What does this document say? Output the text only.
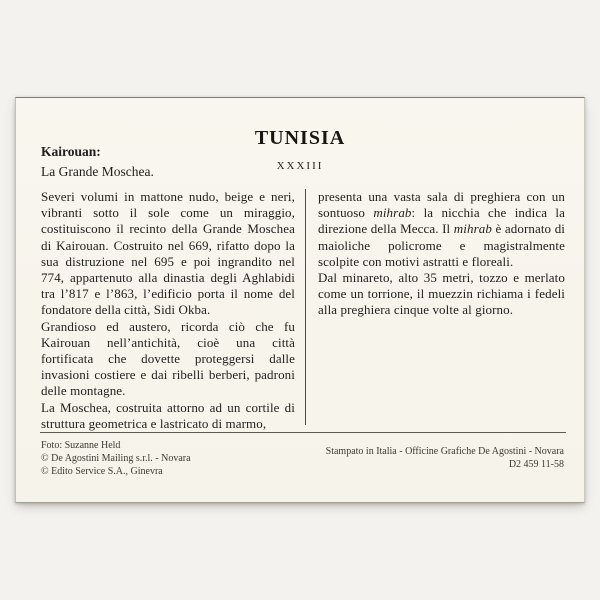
TUNISIA
XXXIII
Kairouan:
La Grande Moschea.

Severi volumi in mattone nudo, beige e neri, vibranti sotto il sole come un miraggio, costituiscono il recinto della Grande Moschea di Kairouan. Costruito nel 669, rifatto dopo la sua distruzione nel 695 e poi ingrandito nel 774, appartenuto alla dinastia degli Aghlabidi tra l’817 e l’863, l’edificio porta il nome del fondatore della città, Sidi Okba.

Grandioso ed austero, ricorda ciò che fu Kairouan nell’antichità, cioè una città fortificata che dovette proteggersi dalle invasioni costiere e dai ribelli berberi, padroni delle montagne.

La Moschea, costruita attorno ad un cortile di struttura geometrica e lastricato di marmo,

presenta una vasta sala di preghiera con un sontuoso mihrab: la nicchia che indica la direzione della Mecca. Il mihrab è adornato di maioliche policrome e magistralmente scolpite con motivi astratti e floreali.

Dal minareto, alto 35 metri, tozzo e merlato come un torrione, il muezzin richiama i fedeli alla preghiera cinque volte al giorno.

Foto: Suzanne Held
© De Agostini Mailing s.r.l. - Novara
© Edito Service S.A., Ginevra
Stampato in Italia - Officine Grafiche De Agostini - Novara
D2 459 11-58
